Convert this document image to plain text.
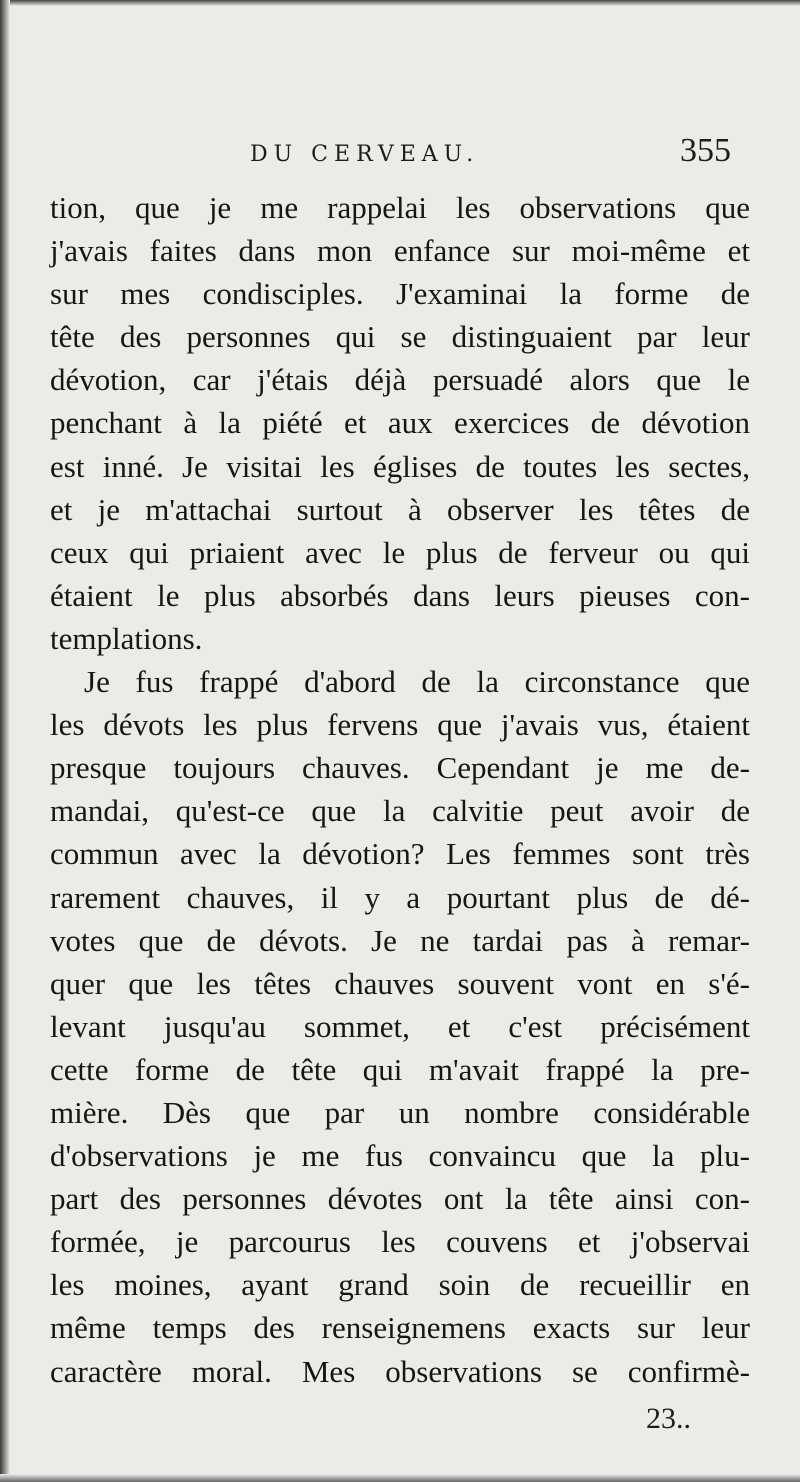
DU CERVEAU.	355
tion, que je me rappelai les observations que
j'avais faites dans mon enfance sur moi-même et
sur mes condisciples. J'examinai la forme de
tête des personnes qui se distinguaient par leur
dévotion, car j'étais déjà persuadé alors que le
penchant à la piété et aux exercices de dévotion
est inné. Je visitai les églises de toutes les sectes,
et je m'attachai surtout à observer les têtes de
ceux qui priaient avec le plus de ferveur ou qui
étaient le plus absorbés dans leurs pieuses con-
templations.
Je fus frappé d'abord de la circonstance que
les dévots les plus fervens que j'avais vus, étaient
presque toujours chauves. Cependant je me de-
mandai, qu'est-ce que la calvitie peut avoir de
commun avec la dévotion? Les femmes sont très
rarement chauves, il y a pourtant plus de dé-
votes que de dévots. Je ne tardai pas à remar-
quer que les têtes chauves souvent vont en s'é-
levant jusqu'au sommet, et c'est précisément
cette forme de tête qui m'avait frappé la pre-
mière. Dès que par un nombre considérable
d'observations je me fus convaincu que la plu-
part des personnes dévotes ont la tête ainsi con-
formée, je parcourus les couvens et j'observai
les moines, ayant grand soin de recueillir en
même temps des renseignemens exacts sur leur
caractère moral. Mes observations se confirmè-
23..
